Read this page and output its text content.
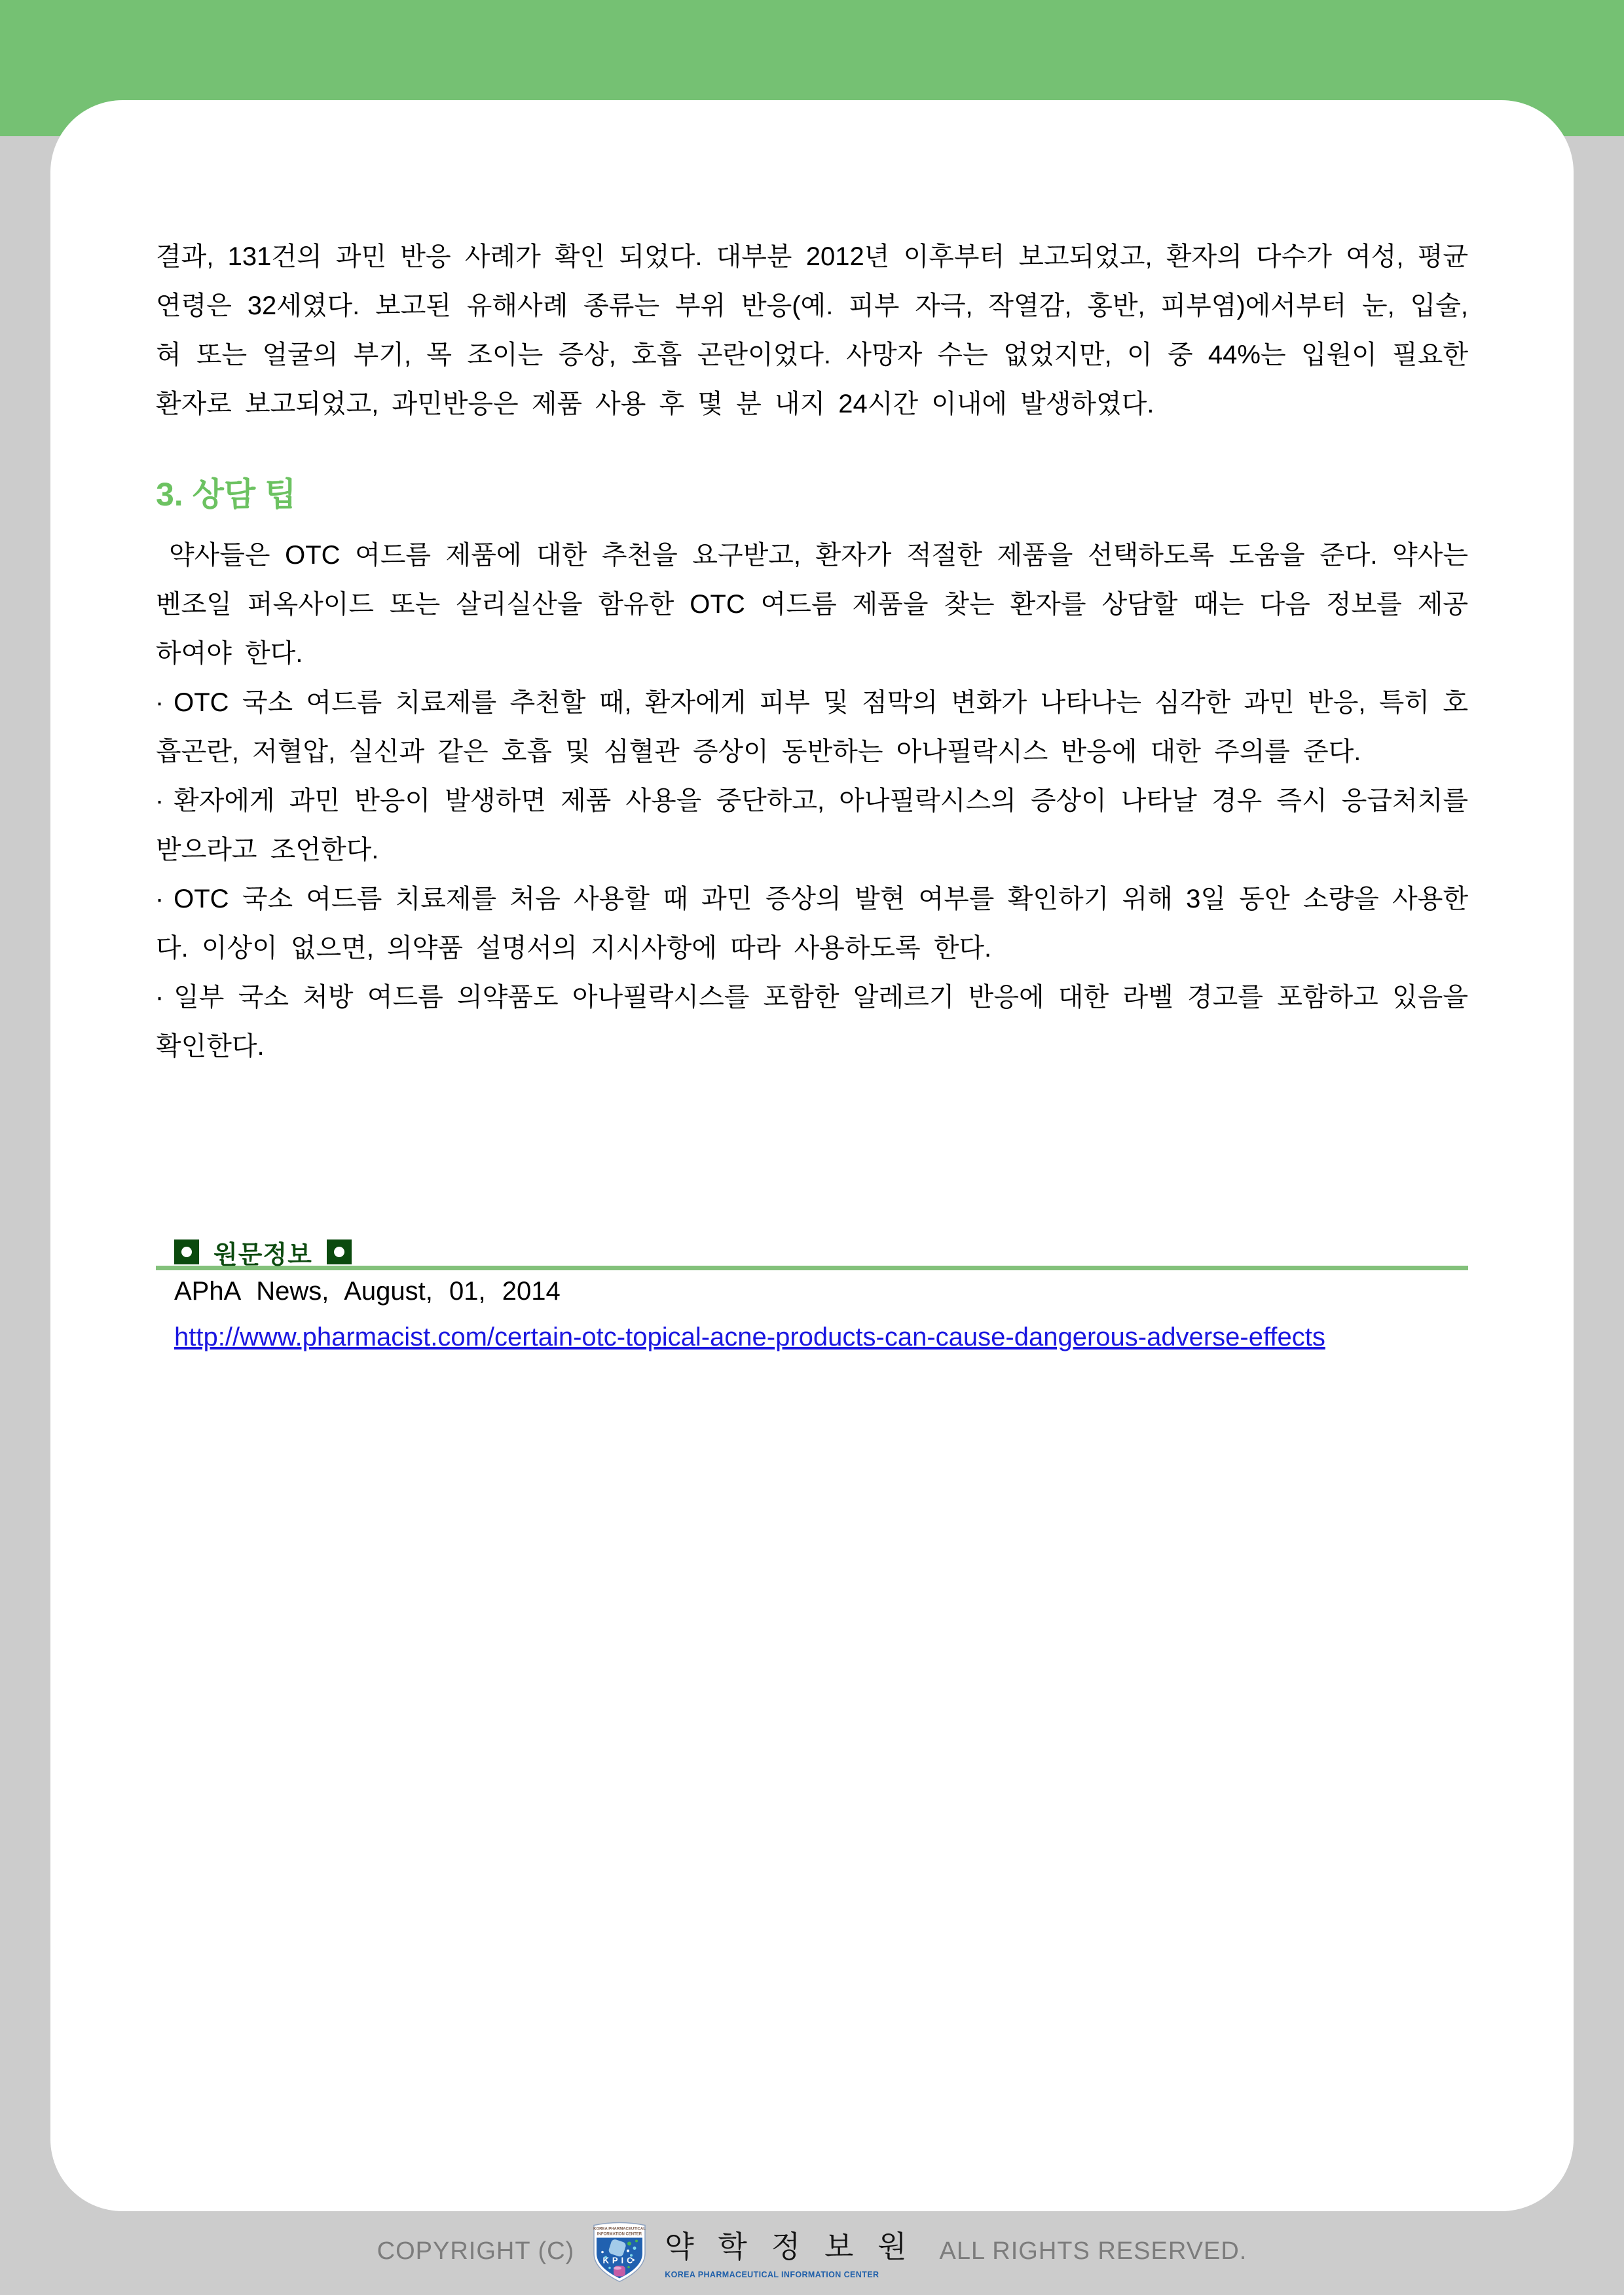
결과, 131건의 과민 반응 사례가 확인 되었다. 대부분 2012년 이후부터 보고되었고, 환자의 다수가 여성, 평균 연령은 32세였다. 보고된 유해사례 종류는 부위 반응(예. 피부 자극, 작열감, 홍반, 피부염)에서부터 눈, 입술, 혀 또는 얼굴의 부기, 목 조이는 증상, 호흡 곤란이었다. 사망자 수는 없었지만, 이 중 44%는 입원이 필요한 환자로 보고되었고, 과민반응은 제품 사용 후 몇 분 내지 24시간 이내에 발생하였다.

3. 상담 팁

약사들은 OTC 여드름 제품에 대한 추천을 요구받고, 환자가 적절한 제품을 선택하도록 도움을 준다. 약사는 벤조일 퍼옥사이드 또는 살리실산을 함유한 OTC 여드름 제품을 찾는 환자를 상담할 때는 다음 정보를 제공 하여야 한다.

∙ OTC 국소 여드름 치료제를 추천할 때, 환자에게 피부 및 점막의 변화가 나타나는 심각한 과민 반응, 특히 호흡곤란, 저혈압, 실신과 같은 호흡 및 심혈관 증상이 동반하는 아나필락시스 반응에 대한 주의를 준다.

∙ 환자에게 과민 반응이 발생하면 제품 사용을 중단하고, 아나필락시스의 증상이 나타날 경우 즉시 응급처치를 받으라고 조언한다.

∙ OTC 국소 여드름 치료제를 처음 사용할 때 과민 증상의 발현 여부를 확인하기 위해 3일 동안 소량을 사용한다. 이상이 없으면, 의약품 설명서의 지시사항에 따라 사용하도록 한다.

∙ 일부 국소 처방 여드름 의약품도 아나필락시스를 포함한 알레르기 반응에 대한 라벨 경고를 포함하고 있음을 확인한다.

원문정보

APhA News, August, 01, 2014

http://www.pharmacist.com/certain-otc-topical-acne-products-can-cause-dangerous-adverse-effects

COPYRIGHT (C)
KOREA PHARMACEUTICAL
INFORMATION CENTER
KPIC 약 학 정 보 원
KOREA PHARMACEUTICAL INFORMATION CENTER
ALL RIGHTS RESERVED.
